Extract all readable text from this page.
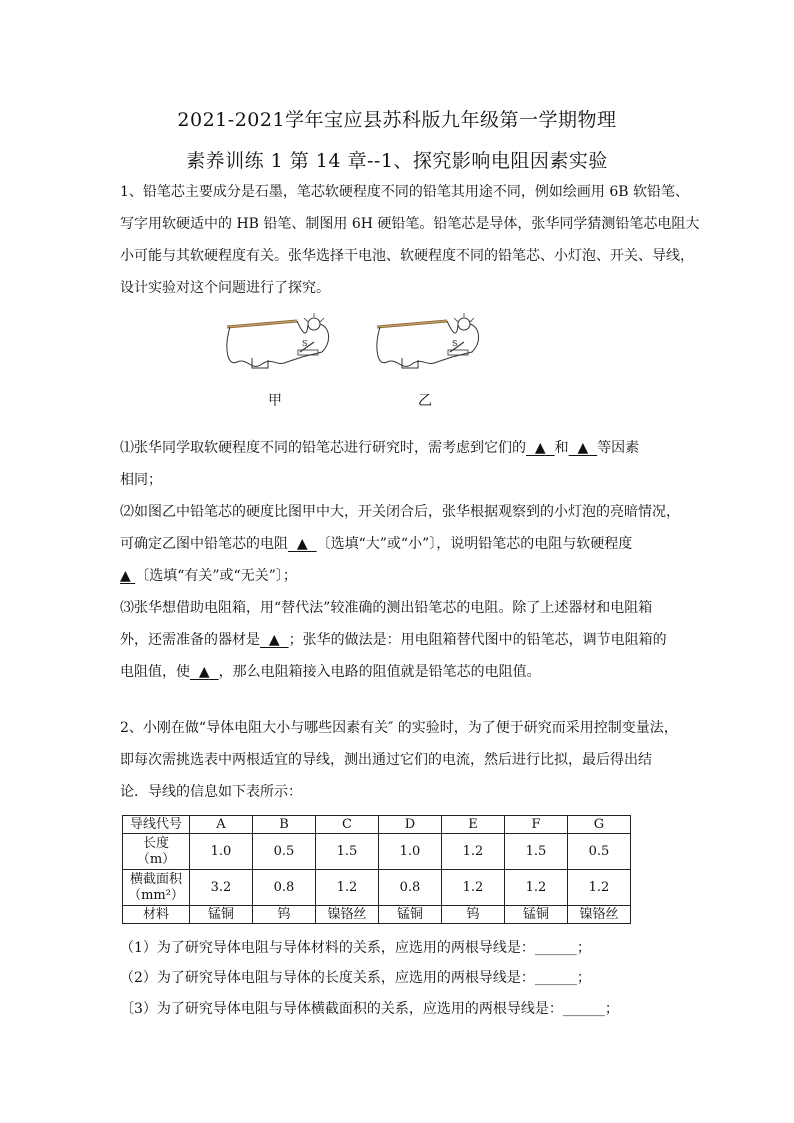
2021-2021学年宝应县苏科版九年级第一学期物理
素养训练 1 第 14 章--1、探究影响电阻因素实验
1、铅笔芯主要成分是石墨，笔芯软硬程度不同的铅笔其用途不同，例如绘画用 6B 软铅笔、
写字用软硬适中的 HB 铅笔、制图用 6H 硬铅笔。铅笔芯是导体，张华同学猜测铅笔芯电阻大
小可能与其软硬程度有关。张华选择干电池、软硬程度不同的铅笔芯、小灯泡、开关、导线，
设计实验对这个问题进行了探究。
S	S
甲	乙
⑴张华同学取软硬程度不同的铅笔芯进行研究时，需考虑到它们的 ▲ 和 ▲ 等因素
相同；
⑵如图乙中铅笔芯的硬度比图甲中大，开关闭合后，张华根据观察到的小灯泡的亮暗情况，
可确定乙图中铅笔芯的电阻 ▲ 〔选填“大”或“小”〕，说明铅笔芯的电阻与软硬程度
▲ 〔选填“有关”或“无关”〕；
⑶张华想借助电阻箱，用“替代法”较准确的测出铅笔芯的电阻。除了上述器材和电阻箱
外，还需准备的器材是 ▲ ；张华的做法是：用电阻箱替代图中的铅笔芯，调节电阻箱的
电阻值，使 ▲ ，那么电阻箱接入电路的阻值就是铅笔芯的电阻值。
2、小刚在做“导体电阻大小与哪些因素有关″ 的实验时，为了便于研究而采用控制变量法，
即每次需挑选表中两根适宜的导线，测出通过它们的电流，然后进行比拟，最后得出结
论．导线的信息如下表所示：
导线代号	A	B	C	D	E	F	G

长度
（m）	1.0	0.5	1.5	1.0	1.2	1.5	0.5

横截面积
（mm²）	3.2	0.8	1.2	0.8	1.2	1.2	1.2
材料	锰铜	钨	镍铬丝	锰铜	钨	锰铜	镍铬丝
（1）为了研究导体电阻与导体材料的关系，应选用的两根导线是：______；
（2）为了研究导体电阻与导体的长度关系，应选用的两根导线是：______；
〔3）为了研究导体电阻与导体横截面积的关系，应选用的两根导线是：______；
